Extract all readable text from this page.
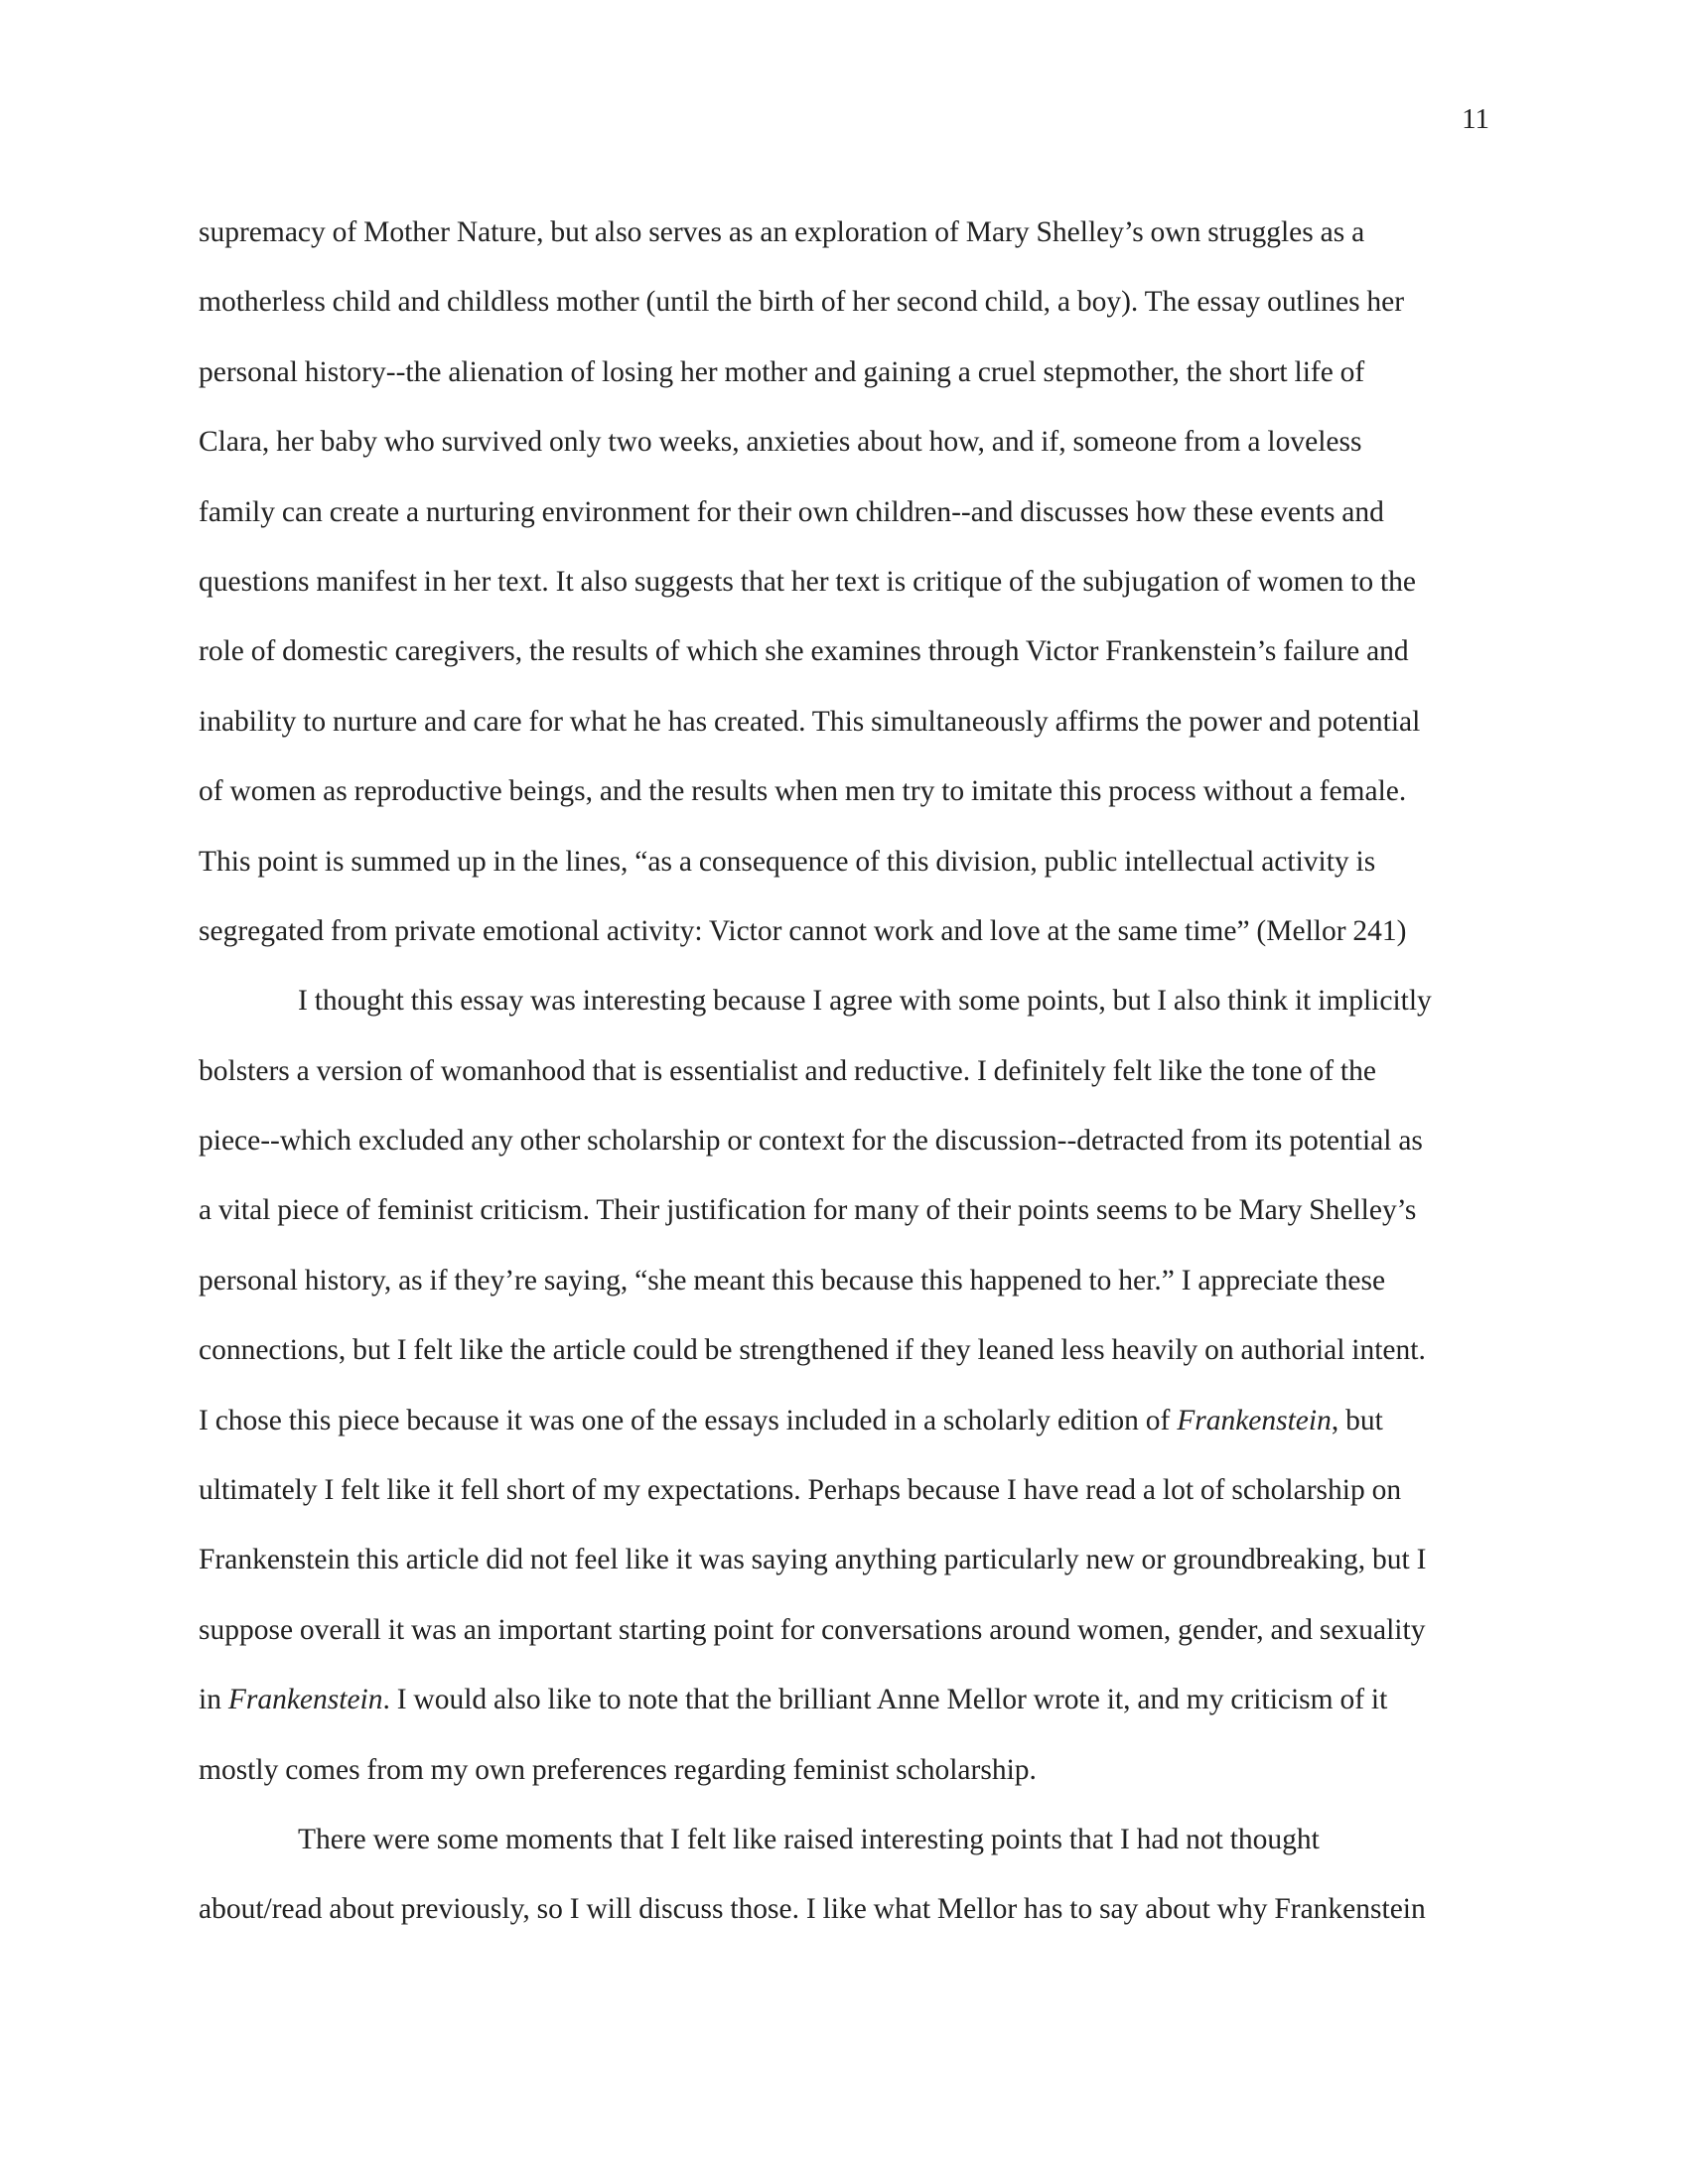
11
supremacy of Mother Nature, but also serves as an exploration of Mary Shelley’s own struggles as a
motherless child and childless mother (until the birth of her second child, a boy). The essay outlines her
personal history--the alienation of losing her mother and gaining a cruel stepmother, the short life of
Clara, her baby who survived only two weeks, anxieties about how, and if, someone from a loveless
family can create a nurturing environment for their own children--and discusses how these events and
questions manifest in her text. It also suggests that her text is critique of the subjugation of women to the
role of domestic caregivers, the results of which she examines through Victor Frankenstein’s failure and
inability to nurture and care for what he has created. This simultaneously affirms the power and potential
of women as reproductive beings, and the results when men try to imitate this process without a female.
This point is summed up in the lines, “as a consequence of this division, public intellectual activity is
segregated from private emotional activity: Victor cannot work and love at the same time” (Mellor 241)
I thought this essay was interesting because I agree with some points, but I also think it implicitly
bolsters a version of womanhood that is essentialist and reductive. I definitely felt like the tone of the
piece--which excluded any other scholarship or context for the discussion--detracted from its potential as
a vital piece of feminist criticism. Their justification for many of their points seems to be Mary Shelley’s
personal history, as if they’re saying, “she meant this because this happened to her.” I appreciate these
connections, but I felt like the article could be strengthened if they leaned less heavily on authorial intent.
I chose this piece because it was one of the essays included in a scholarly edition of Frankenstein, but
ultimately I felt like it fell short of my expectations. Perhaps because I have read a lot of scholarship on
Frankenstein this article did not feel like it was saying anything particularly new or groundbreaking, but I
suppose overall it was an important starting point for conversations around women, gender, and sexuality
in Frankenstein. I would also like to note that the brilliant Anne Mellor wrote it, and my criticism of it
mostly comes from my own preferences regarding feminist scholarship.
There were some moments that I felt like raised interesting points that I had not thought
about/read about previously, so I will discuss those. I like what Mellor has to say about why Frankenstein
